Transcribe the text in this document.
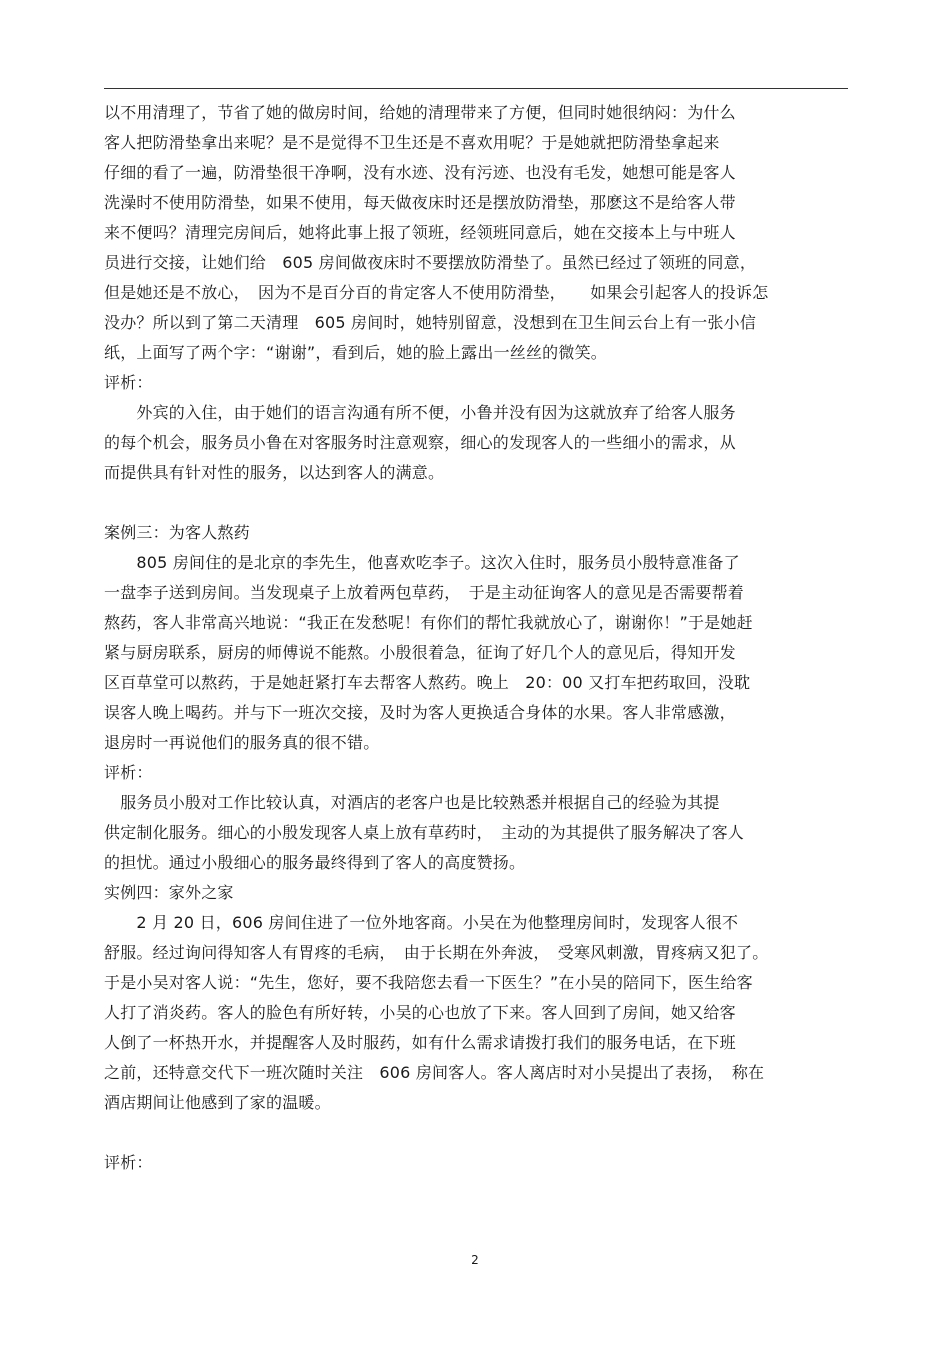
以不用清理了，节省了她的做房时间，给她的清理带来了方便，但同时她很纳闷：为什么
客人把防滑垫拿出来呢？是不是觉得不卫生还是不喜欢用呢？于是她就把防滑垫拿起来
仔细的看了一遍，防滑垫很干净啊，没有水迹、没有污迹、也没有毛发，她想可能是客人
洗澡时不使用防滑垫，如果不使用，每天做夜床时还是摆放防滑垫，那麽这不是给客人带
来不便吗？清理完房间后，她将此事上报了领班，经领班同意后，她在交接本上与中班人
员进行交接，让她们给　605 房间做夜床时不要摆放防滑垫了。虽然已经过了领班的同意，
但是她还是不放心，　因为不是百分百的肯定客人不使用防滑垫，　　如果会引起客人的投诉怎
没办？所以到了第二天清理　605 房间时，她特别留意，没想到在卫生间云台上有一张小信
纸，上面写了两个字：“谢谢”，看到后，她的脸上露出一丝丝的微笑。
评析：
　　外宾的入住，由于她们的语言沟通有所不便，小鲁并没有因为这就放弃了给客人服务
的每个机会，服务员小鲁在对客服务时注意观察，细心的发现客人的一些细小的需求，从
而提供具有针对性的服务，以达到客人的满意。
案例三：为客人熬药
　　805 房间住的是北京的李先生，他喜欢吃李子。这次入住时，服务员小殷特意准备了
一盘李子送到房间。当发现桌子上放着两包草药，　于是主动征询客人的意见是否需要帮着
熬药，客人非常高兴地说：“我正在发愁呢！有你们的帮忙我就放心了，谢谢你！”于是她赶
紧与厨房联系，厨房的师傅说不能熬。小殷很着急，征询了好几个人的意见后，得知开发
区百草堂可以熬药，于是她赶紧打车去帮客人熬药。晚上　20：00 又打车把药取回，没耽
误客人晚上喝药。并与下一班次交接，及时为客人更换适合身体的水果。客人非常感激，
退房时一再说他们的服务真的很不错。
评析：
　服务员小殷对工作比较认真，对酒店的老客户也是比较熟悉并根据自己的经验为其提
供定制化服务。细心的小殷发现客人桌上放有草药时，　主动的为其提供了服务解决了客人
的担忧。通过小殷细心的服务最终得到了客人的高度赞扬。
实例四：家外之家
　　2 月 20 日，606 房间住进了一位外地客商。小吴在为他整理房间时，发现客人很不
舒服。经过询问得知客人有胃疼的毛病，　由于长期在外奔波，　受寒风刺激，胃疼病又犯了。
于是小吴对客人说：“先生，您好，要不我陪您去看一下医生？”在小吴的陪同下，医生给客
人打了消炎药。客人的脸色有所好转，小吴的心也放了下来。客人回到了房间，她又给客
人倒了一杯热开水，并提醒客人及时服药，如有什么需求请拨打我们的服务电话，在下班
之前，还特意交代下一班次随时关注　606 房间客人。客人离店时对小吴提出了表扬，　称在
酒店期间让他感到了家的温暖。
评析：
2
